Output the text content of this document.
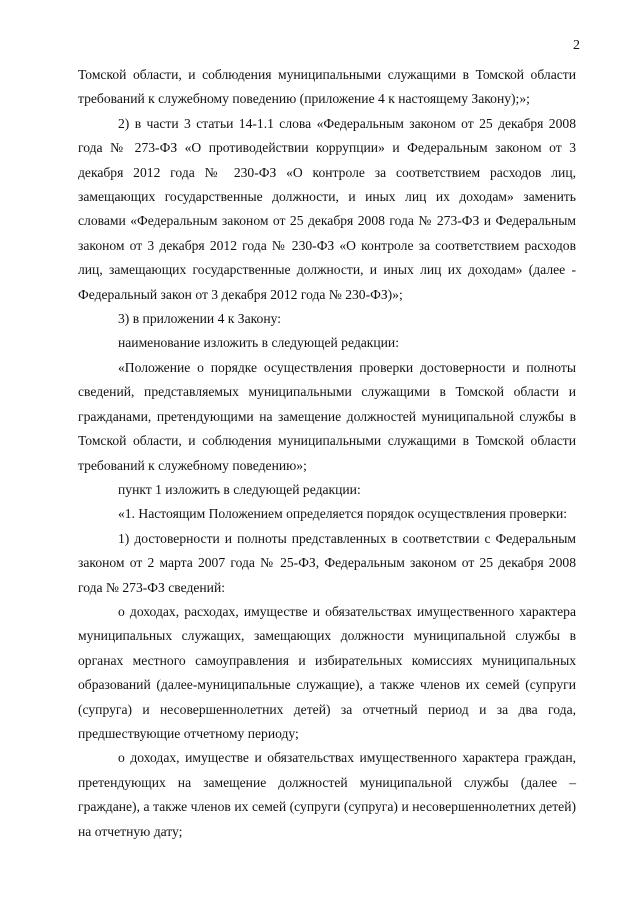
2

Томской области, и соблюдения муниципальными служащими в Томской области требований к служебному поведению (приложение 4 к настоящему Закону);»;

2) в части 3 статьи 14-1.1 слова «Федеральным законом от 25 декабря 2008 года № 273-ФЗ «О противодействии коррупции» и Федеральным законом от 3 декабря 2012 года № 230-ФЗ «О контроле за соответствием расходов лиц, замещающих государственные должности, и иных лиц их доходам» заменить словами «Федеральным законом от 25 декабря 2008 года № 273-ФЗ и Федеральным законом от 3 декабря 2012 года № 230-ФЗ «О контроле за соответствием расходов лиц, замещающих государственные должности, и иных лиц их доходам» (далее - Федеральный закон от 3 декабря 2012 года № 230-ФЗ)»;

3) в приложении 4 к Закону:

наименование изложить в следующей редакции:

«Положение о порядке осуществления проверки достоверности и полноты сведений, представляемых муниципальными служащими в Томской области и гражданами, претендующими на замещение должностей муниципальной службы в Томской области, и соблюдения муниципальными служащими в Томской области требований к служебному поведению»;

пункт 1 изложить в следующей редакции:

«1. Настоящим Положением определяется порядок осуществления проверки:

1) достоверности и полноты представленных в соответствии с Федеральным законом от 2 марта 2007 года № 25-ФЗ, Федеральным законом от 25 декабря 2008 года № 273-ФЗ сведений:

о доходах, расходах, имуществе и обязательствах имущественного характера муниципальных служащих, замещающих должности муниципальной службы в органах местного самоуправления и избирательных комиссиях муниципальных образований (далее-муниципальные служащие), а также членов их семей (супруги (супруга) и несовершеннолетних детей) за отчетный период и за два года, предшествующие отчетному периоду;

о доходах, имуществе и обязательствах имущественного характера граждан, претендующих на замещение должностей муниципальной службы (далее – граждане), а также членов их семей (супруги (супруга) и несовершеннолетних детей) на отчетную дату;
